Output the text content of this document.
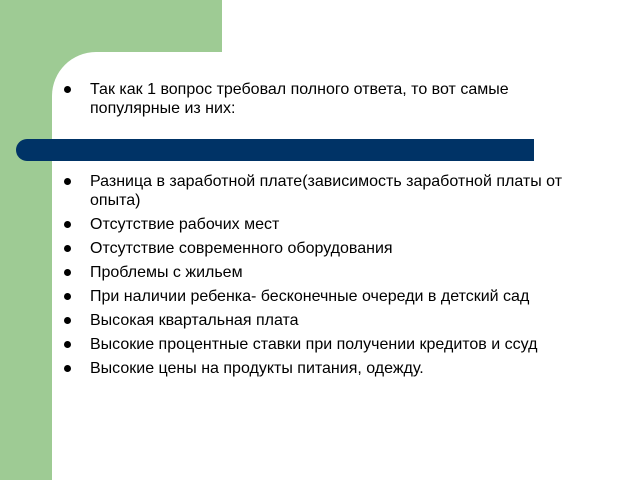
Так как 1 вопрос требовал полного ответа, то вот самые популярные из них:
Разница в заработной плате(зависимость заработной платы от опыта)
Отсутствие рабочих мест
Отсутствие современного оборудования
Проблемы с жильем
При наличии ребенка- бесконечные очереди в детский сад
Высокая квартальная плата
Высокие процентные ставки при получении кредитов и ссуд
Высокие цены на продукты питания, одежду.
